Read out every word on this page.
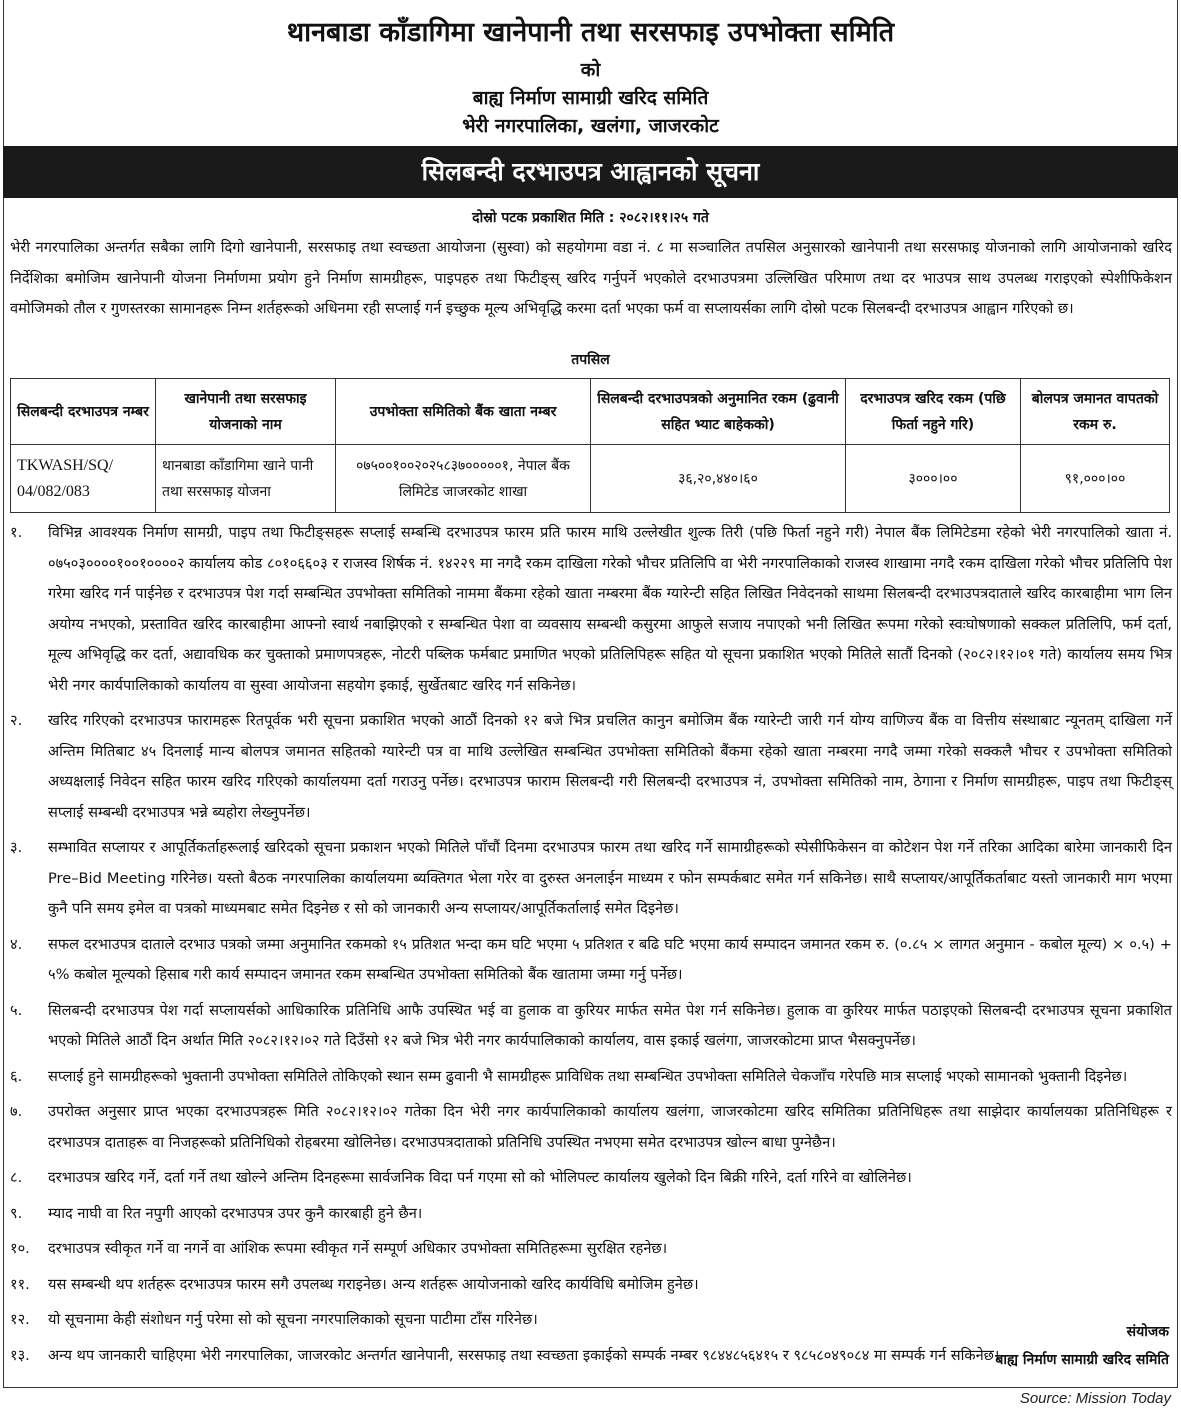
थानबाडा काँडागिमा खानेपानी तथा सरसफाइ उपभोक्ता समिति
को
बाह्य निर्माण सामाग्री खरिद समिति
भेरी नगरपालिका, खलंगा, जाजरकोट
सिलबन्दी दरभाउपत्र आह्वानको सूचना
दोस्रो पटक प्रकाशित मिति : २०८२।११।२५ गते
भेरी नगरपालिका अन्तर्गत सबैका लागि दिगो खानेपानी, सरसफाइ तथा स्वच्छता आयोजना (सुस्वा) को सहयोगमा वडा नं. ८ मा सञ्चालित तपसिल अनुसारको खानेपानी तथा सरसफाइ योजनाको लागि आयोजनाको खरिद निर्देशिका बमोजिम खानेपानी योजना निर्माणमा प्रयोग हुने निर्माण सामग्रीहरू, पाइपहरु तथा फिटीङ्स् खरिद गर्नुपर्ने भएकोले दरभाउपत्रमा उल्लिखित परिमाण तथा दर भाउपत्र साथ उपलब्ध गराइएको स्पेशीफिकेशन वमोजिमको तौल र गुणस्तरका सामानहरू निम्न शर्तहरूको अधिनमा रही सप्लाई गर्न इच्छुक मूल्य अभिवृद्धि करमा दर्ता भएका फर्म वा सप्लायर्सका लागि दोस्रो पटक सिलबन्दी दरभाउपत्र आह्वान गरिएको छ।
तपसिल
सिलबन्दी दरभाउपत्र नम्बर	खानेपानी तथा सरसफाइ योजनाको नाम	उपभोक्ता समितिको बैंक खाता नम्बर	सिलबन्दी दरभाउपत्रको अनुमानित रकम (ढुवानी सहित भ्याट बाहेकको)	दरभाउपत्र खरिद रकम (पछि फिर्ता नहुने गरि)	बोलपत्र जमानत वापतको रकम रु.
TKWASH/SQ/ 04/082/083	थानबाडा काँडागिमा खाने पानी तथा सरसफाइ योजना	०७५००१००२०२५८३७०००००१, नेपाल बैंक लिमिटेड जाजरकोट शाखा	३६,२०,४४०।६०	३०००।००	९१,०००।००
१.	विभिन्न आवश्यक निर्माण सामग्री, पाइप तथा फिटीङ्सहरू सप्लाई सम्बन्धि दरभाउपत्र फारम प्रति फारम माथि उल्लेखीत शुल्क तिरी (पछि फिर्ता नहुने गरी) नेपाल बैंक लिमिटेडमा रहेको भेरी नगरपालिको खाता नं. ०७५०३००००१००१००००२ कार्यालय कोड ८०१०६६०३ र राजस्व शिर्षक नं. १४२२९ मा नगदै रकम दाखिला गरेको भौचर प्रतिलिपि वा भेरी नगरपालिकाको राजस्व शाखामा नगदै रकम दाखिला गरेको भौचर प्रतिलिपि पेश गरेमा खरिद गर्न पाईनेछ र दरभाउपत्र पेश गर्दा सम्बन्धित उपभोक्ता समितिको नाममा बैंकमा रहेको खाता नम्बरमा बैंक ग्यारेन्टी सहित लिखित निवेदनको साथमा सिलबन्दी दरभाउपत्रदाताले खरिद कारबाहीमा भाग लिन अयोग्य नभएको, प्रस्तावित खरिद कारबाहीमा आफ्नो स्वार्थ नबाझिएको र सम्बन्धित पेशा वा व्यवसाय सम्बन्धी कसुरमा आफुले सजाय नपाएको भनी लिखित रूपमा गरेको स्वःघोषणाको सक्कल प्रतिलिपि, फर्म दर्ता, मूल्य अभिवृद्धि कर दर्ता, अद्यावधिक कर चुक्ताको प्रमाणपत्रहरू, नोटरी पब्लिक फर्मबाट प्रमाणित भएको प्रतिलिपिहरू सहित यो सूचना प्रकाशित भएको मितिले सातौं दिनको (२०८२।१२।०१ गते) कार्यालय समय भित्र भेरी नगर कार्यपालिकाको कार्यालय वा सुस्वा आयोजना सहयोग इकाई, सुर्खेतबाट खरिद गर्न सकिनेछ।
२.	खरिद गरिएको दरभाउपत्र फारामहरू रितपूर्वक भरी सूचना प्रकाशित भएको आठौं दिनको १२ बजे भित्र प्रचलित कानुन बमोजिम बैंक ग्यारेन्टी जारी गर्न योग्य वाणिज्य बैंक वा वित्तीय संस्थाबाट न्यूनतम् दाखिला गर्ने अन्तिम मितिबाट ४५ दिनलाई मान्य बोलपत्र जमानत सहितको ग्यारेन्टी पत्र वा माथि उल्लेखित सम्बन्धित उपभोक्ता समितिको बैंकमा रहेको खाता नम्बरमा नगदै जम्मा गरेको सक्कलै भौचर र उपभोक्ता समितिको अध्यक्षलाई निवेदन सहित फारम खरिद गरिएको कार्यालयमा दर्ता गराउनु पर्नेछ। दरभाउपत्र फाराम सिलबन्दी गरी सिलबन्दी दरभाउपत्र नं, उपभोक्ता समितिको नाम, ठेगाना र निर्माण सामग्रीहरू, पाइप तथा फिटीङ्स् सप्लाई सम्बन्धी दरभाउपत्र भन्ने ब्यहोरा लेख्नुपर्नेछ।
३.	सम्भावित सप्लायर र आपूर्तिकर्ताहरूलाई खरिदको सूचना प्रकाशन भएको मितिले पाँचौं दिनमा दरभाउपत्र फारम तथा खरिद गर्ने सामाग्रीहरूको स्पेसीफिकेसन वा कोटेशन पेश गर्ने तरिका आदिका बारेमा जानकारी दिन Pre–Bid Meeting गरिनेछ। यस्तो बैठक नगरपालिका कार्यालयमा ब्यक्तिगत भेला गरेर वा दुरुस्त अनलाईन माध्यम र फोन सम्पर्कबाट समेत गर्न सकिनेछ। साथै सप्लायर/आपूर्तिकर्ताबाट यस्तो जानकारी माग भएमा कुनै पनि समय इमेल वा पत्रको माध्यमबाट समेत दिइनेछ र सो को जानकारी अन्य सप्लायर/आपूर्तिकर्तालाई समेत दिइनेछ।
४.	सफल दरभाउपत्र दाताले दरभाउ पत्रको जम्मा अनुमानित रकमको १५ प्रतिशत भन्दा कम घटि भएमा ५ प्रतिशत र बढि घटि भएमा कार्य सम्पादन जमानत रकम रु. (०.८५ × लागत अनुमान - कबोल मूल्य) × ०.५) + ५% कबोल मूल्यको हिसाब गरी कार्य सम्पादन जमानत रकम सम्बन्धित उपभोक्ता समितिको बैंक खातामा जम्मा गर्नु पर्नेछ।
५.	सिलबन्दी दरभाउपत्र पेश गर्दा सप्लायर्सको आधिकारिक प्रतिनिधि आफै उपस्थित भई वा हुलाक वा कुरियर मार्फत समेत पेश गर्न सकिनेछ। हुलाक वा कुरियर मार्फत पठाइएको सिलबन्दी दरभाउपत्र सूचना प्रकाशित भएको मितिले आठौं दिन अर्थात मिति २०८२।१२।०२ गते दिउँसो १२ बजे भित्र भेरी नगर कार्यपालिकाको कार्यालय, वास इकाई खलंगा, जाजरकोटमा प्राप्त भैसक्नुपर्नेछ।
६.	सप्लाई हुने सामग्रीहरूको भुक्तानी उपभोक्ता समितिले तोकिएको स्थान सम्म ढुवानी भै सामग्रीहरू प्राविधिक तथा सम्बन्धित उपभोक्ता समितिले चेकजाँच गरेपछि मात्र सप्लाई भएको सामानको भुक्तानी दिइनेछ।
७.	उपरोक्त अनुसार प्राप्त भएका दरभाउपत्रहरू मिति २०८२।१२।०२ गतेका दिन भेरी नगर कार्यपालिकाको कार्यालय खलंगा, जाजरकोटमा खरिद समितिका प्रतिनिधिहरू तथा साझेदार कार्यालयका प्रतिनिधिहरू र दरभाउपत्र दाताहरू वा निजहरूको प्रतिनिधिको रोहबरमा खोलिनेछ। दरभाउपत्रदाताको प्रतिनिधि उपस्थित नभएमा समेत दरभाउपत्र खोल्न बाधा पुग्नेछैन।
८.	दरभाउपत्र खरिद गर्ने, दर्ता गर्ने तथा खोल्ने अन्तिम दिनहरूमा सार्वजनिक विदा पर्न गएमा सो को भोलिपल्ट कार्यालय खुलेको दिन बिक्री गरिने, दर्ता गरिने वा खोलिनेछ।
९.	म्याद नाघी वा रित नपुगी आएको दरभाउपत्र उपर कुनै कारबाही हुने छैन।
१०.	दरभाउपत्र स्वीकृत गर्ने वा नगर्ने वा आंशिक रूपमा स्वीकृत गर्ने सम्पूर्ण अधिकार उपभोक्ता समितिहरूमा सुरक्षित रहनेछ।
११.	यस सम्बन्धी थप शर्तहरू दरभाउपत्र फारम सगै उपलब्ध गराइनेछ। अन्य शर्तहरू आयोजनाको खरिद कार्यविधि बमोजिम हुनेछ।
१२.	यो सूचनामा केही संशोधन गर्नु परेमा सो को सूचना नगरपालिकाको सूचना पाटीमा टाँस गरिनेछ।
१३.	अन्य थप जानकारी चाहिएमा भेरी नगरपालिका, जाजरकोट अन्तर्गत खानेपानी, सरसफाइ तथा स्वच्छता इकाईको सम्पर्क नम्बर ९८४४८५६४१५ र ९८५८०४९०८४ मा सम्पर्क गर्न सकिनेछ।
संयोजक
बाह्य निर्माण सामाग्री खरिद समिति
Source: Mission Today
